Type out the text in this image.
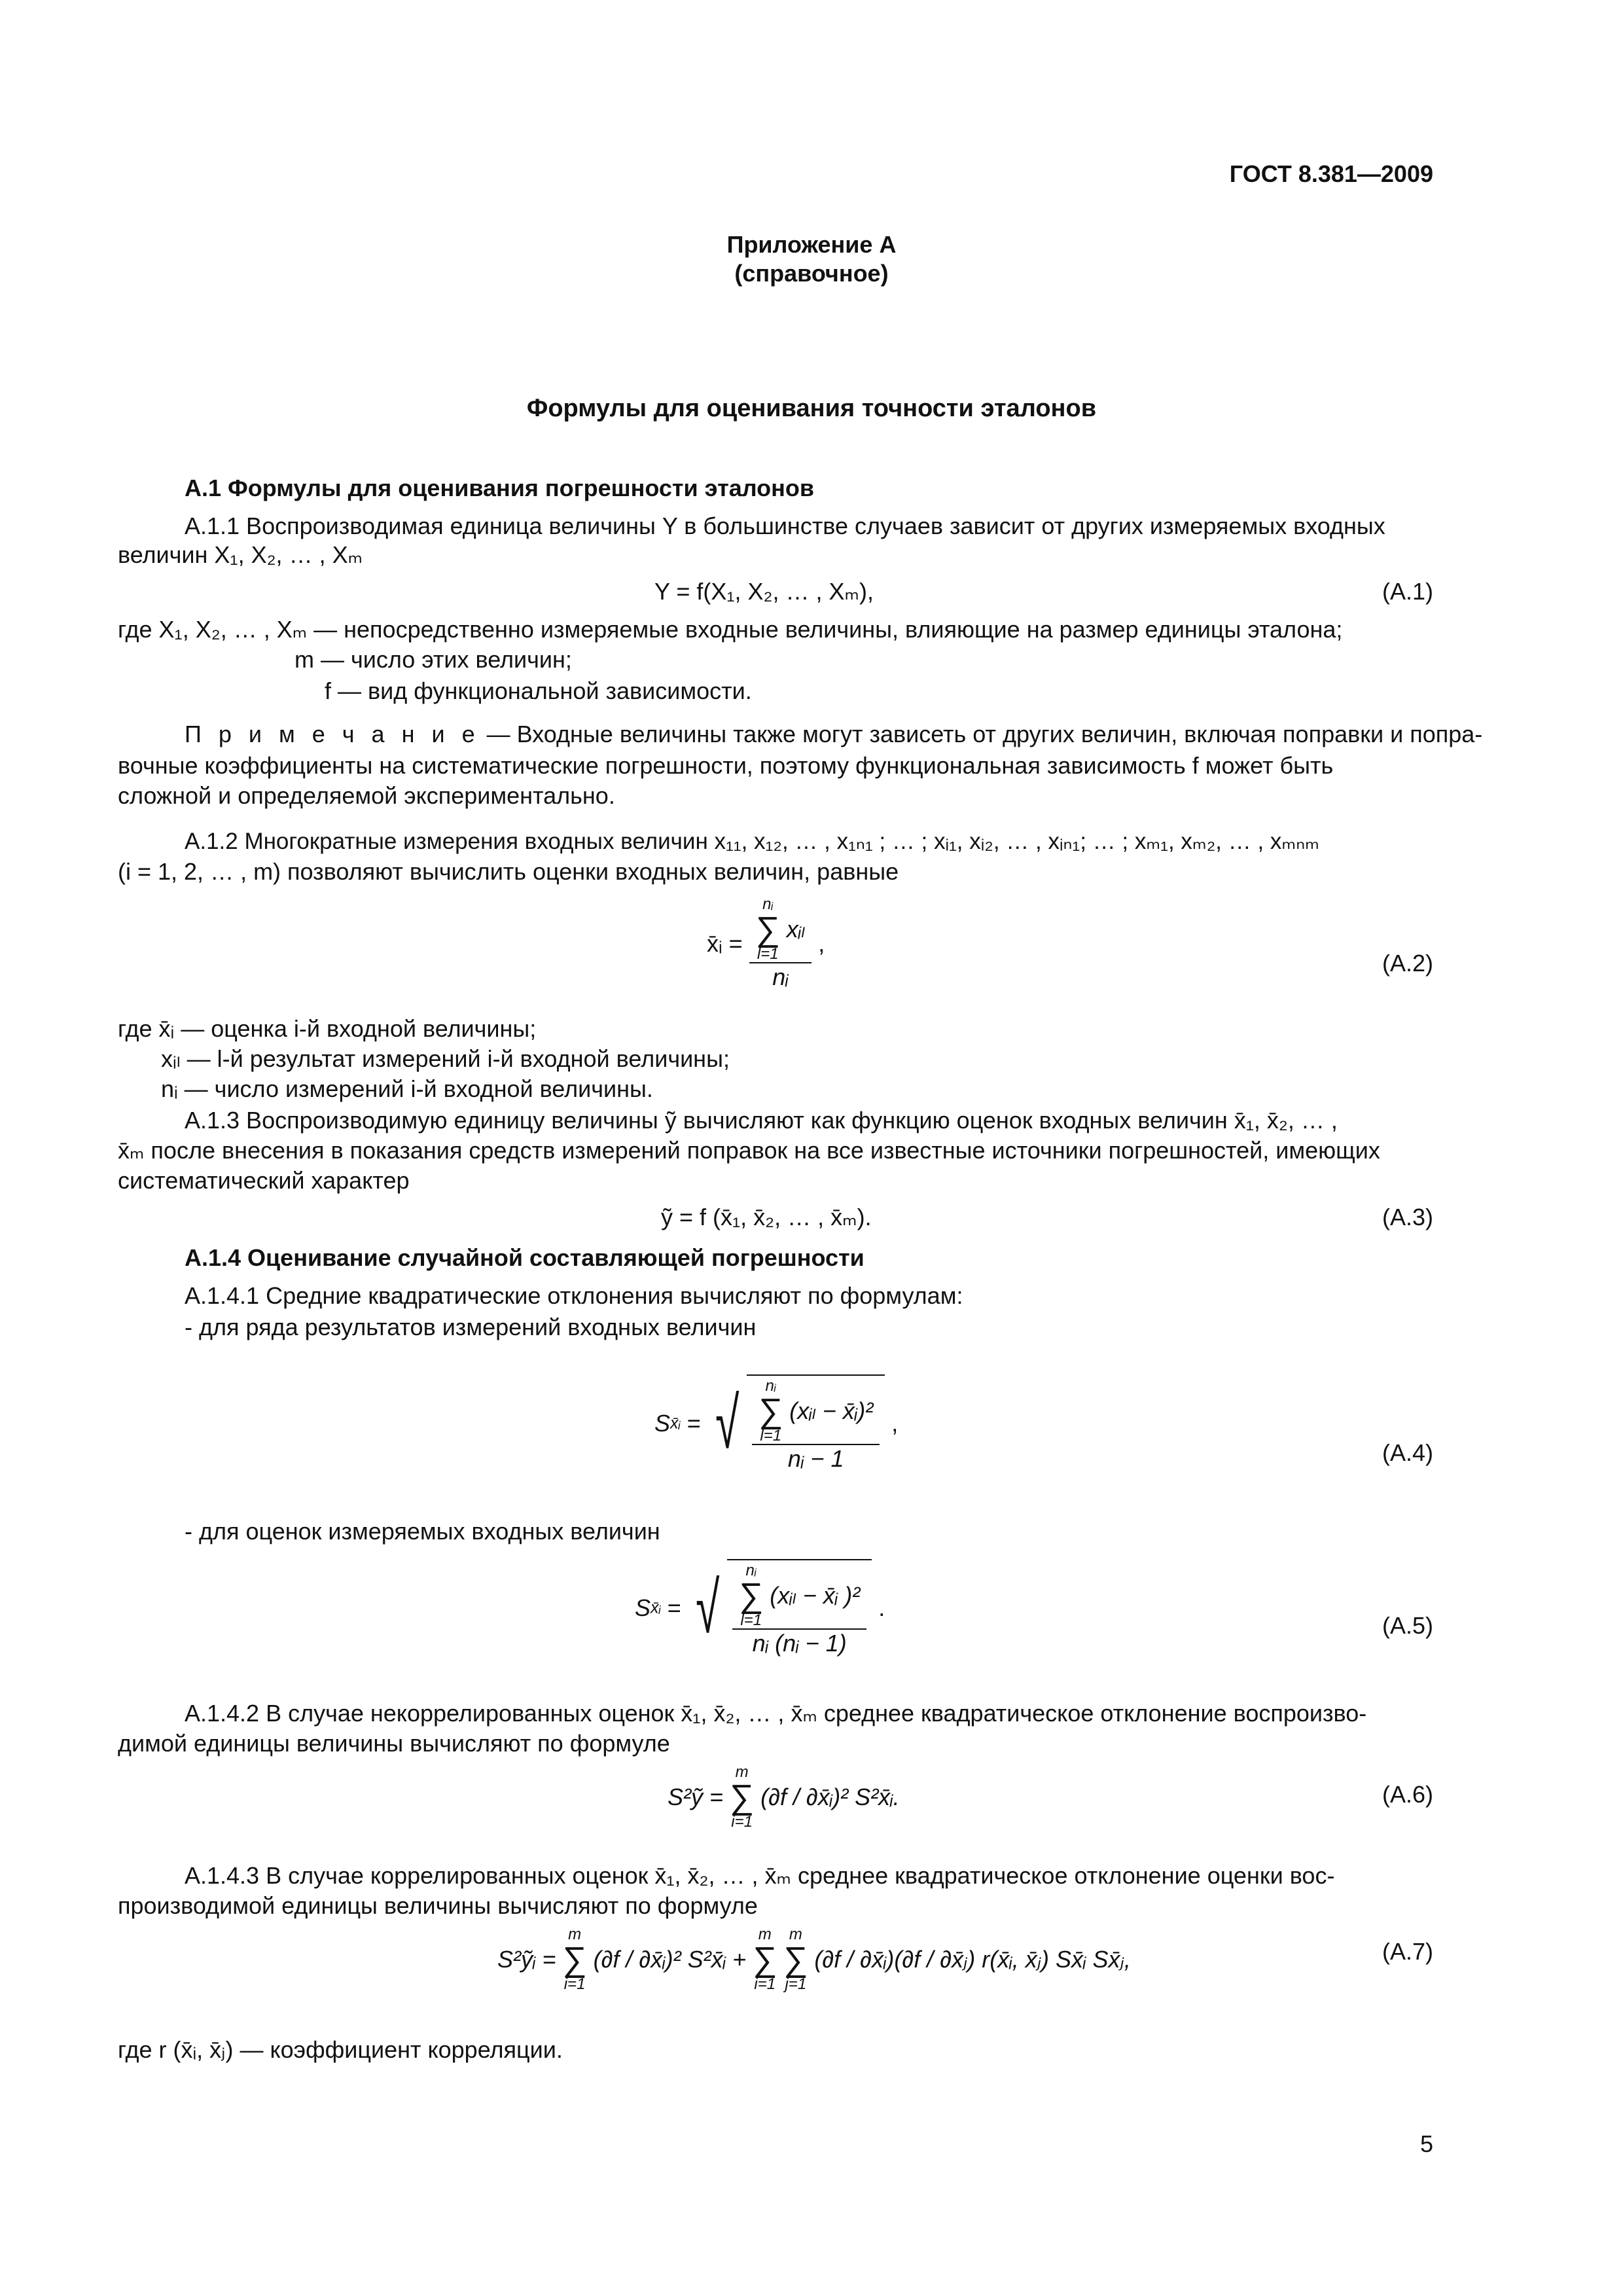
ГОСТ 8.381—2009
Приложение А
(справочное)
Формулы для оценивания точности эталонов
А.1 Формулы для оценивания погрешности эталонов
А.1.1 Воспроизводимая единица величины Y в большинстве случаев зависит от других измеряемых входных
величин X₁, X₂, … , Xₘ
Y = f(X₁, X₂, … , Xₘ),	(А.1)
где X₁, X₂, … , Xₘ — непосредственно измеряемые входные величины, влияющие на размер единицы эталона;
m — число этих величин;
f — вид функциональной зависимости.
П р и м е ч а н и е — Входные величины также могут зависеть от других величин, включая поправки и попра-
вочные коэффициенты на систематические погрешности, поэтому функциональная зависимость f может быть
сложной и определяемой экспериментально.
А.1.2 Многократные измерения входных величин x₁₁, x₁₂, … , x₁ₙ₁ ; … ; xᵢ₁, xᵢ₂, … , xᵢₙ₁; … ; xₘ₁, xₘ₂, … , xₘₙₘ
(i = 1, 2, … , m) позволяют вычислить оценки входных величин, равные
x̄ᵢ = nᵢ
∑
l=1
xᵢₗ
nᵢ ,
(А.2)
где x̄ᵢ — оценка i-й входной величины;
xᵢₗ — l-й результат измерений i-й входной величины;
nᵢ — число измерений i-й входной величины.
А.1.3 Воспроизводимую единицу величины ỹ вычисляют как функцию оценок входных величин x̄₁, x̄₂, … ,
x̄ₘ после внесения в показания средств измерений поправок на все известные источники погрешностей, имеющих
систематический характер
ỹ = f (x̄₁, x̄₂, … , x̄ₘ).	(А.3)
А.1.4 Оценивание случайной составляющей погрешности
А.1.4.1 Средние квадратические отклонения вычисляют по формулам:
- для ряда результатов измерений входных величин
Sx̄ᵢ = √	nᵢ
∑
l=1
(xᵢₗ − x̄ᵢ)²
nᵢ − 1
,
(А.4)
- для оценок измеряемых входных величин
Sx̄ᵢ = √	nᵢ
∑
l=1
(xᵢₗ − x̄ᵢ )²
nᵢ (nᵢ − 1)
.
(А.5)
А.1.4.2 В случае некоррелированных оценок x̄₁, x̄₂, … , x̄ₘ среднее квадратическое отклонение воспроизво-
димой единицы величины вычисляют по формуле
S²ỹ =
m
∑
i=1
(∂f / ∂x̄ᵢ)² S²x̄ᵢ.	(А.6)
А.1.4.3 В случае коррелированных оценок x̄₁, x̄₂, … , x̄ₘ среднее квадратическое отклонение оценки вос-
производимой единицы величины вычисляют по формуле
S²ỹᵢ =
m
∑
i=1
(∂f / ∂x̄ᵢ)² S²x̄ᵢ +
m
∑
i=1

m
∑
j=1
(∂f / ∂x̄ᵢ)(∂f / ∂x̄ⱼ) r(x̄ᵢ, x̄ⱼ) Sx̄ᵢ Sx̄ⱼ,	(А.7)
где r (x̄ᵢ, x̄ⱼ) — коэффициент корреляции.
5
